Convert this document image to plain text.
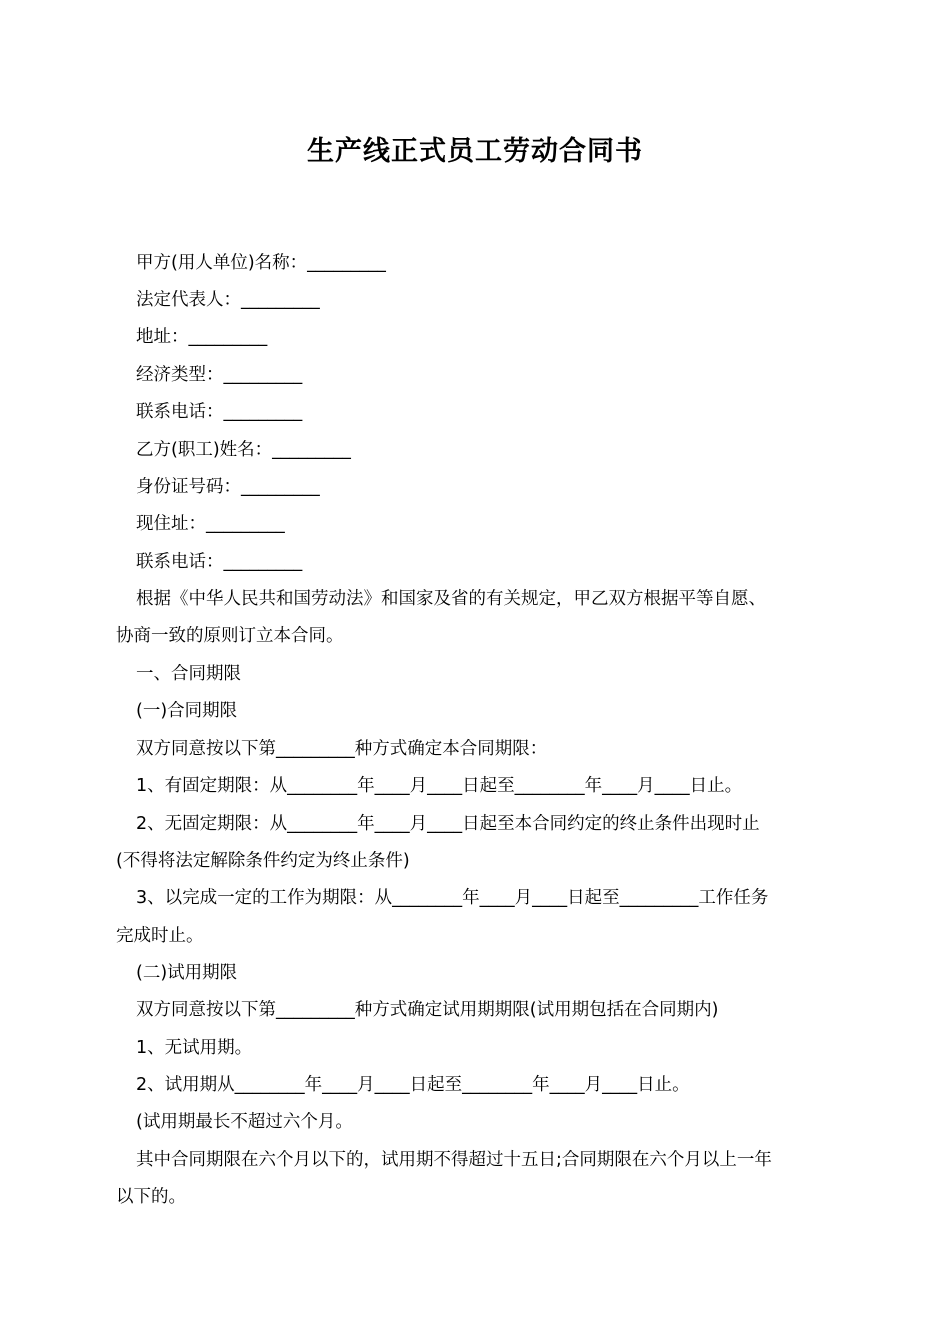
生产线正式员工劳动合同书
甲方(用人单位)名称：_________
法定代表人：_________
地址：_________
经济类型：_________
联系电话：_________
乙方(职工)姓名：_________
身份证号码：_________
现住址：_________
联系电话：_________
根据《中华人民共和国劳动法》和国家及省的有关规定，甲乙双方根据平等自愿、
协商一致的原则订立本合同。
一、合同期限
(一)合同期限
双方同意按以下第_________种方式确定本合同期限：
1、有固定期限：从________年____月____日起至________年____月____日止。
2、无固定期限：从________年____月____日起至本合同约定的终止条件出现时止
(不得将法定解除条件约定为终止条件)
3、以完成一定的工作为期限：从________年____月____日起至_________工作任务
完成时止。
(二)试用期限
双方同意按以下第_________种方式确定试用期期限(试用期包括在合同期内)
1、无试用期。
2、试用期从________年____月____日起至________年____月____日止。
(试用期最长不超过六个月。
其中合同期限在六个月以下的，试用期不得超过十五日;合同期限在六个月以上一年
以下的。
